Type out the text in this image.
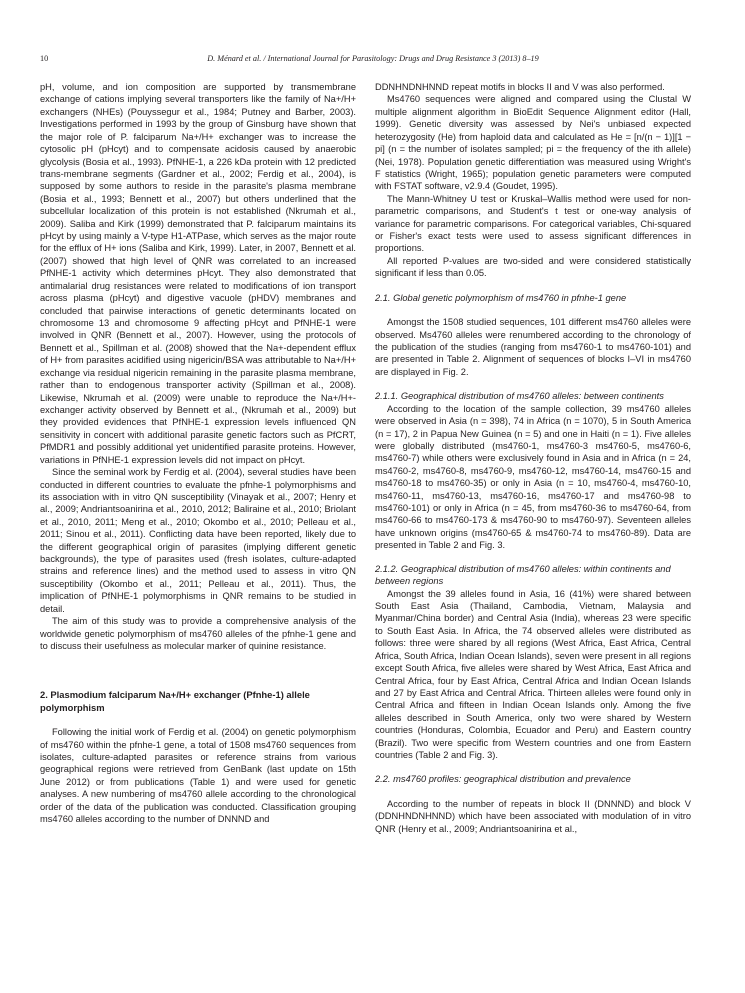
10	D. Ménard et al. / International Journal for Parasitology: Drugs and Drug Resistance 3 (2013) 8–19

pH, volume, and ion composition are supported by transmembrane exchange of cations implying several transporters like the family of Na+/H+ exchangers (NHEs) (Pouyssegur et al., 1984; Putney and Barber, 2003). Investigations performed in 1993 by the group of Ginsburg have shown that the major role of P. falciparum Na+/H+ exchanger was to increase the cytosolic pH (pHcyt) and to compensate acidosis caused by anaerobic glycolysis (Bosia et al., 1993). PfNHE-1, a 226 kDa protein with 12 predicted trans-membrane segments (Gardner et al., 2002; Ferdig et al., 2004), is supposed by some authors to reside in the parasite's plasma membrane (Bosia et al., 1993; Bennett et al., 2007) but others underlined that the subcellular localization of this protein is not established (Nkrumah et al., 2009). Saliba and Kirk (1999) demonstrated that P. falciparum maintains its pHcyt by using mainly a V-type H1-ATPase, which serves as the major route for the efflux of H+ ions (Saliba and Kirk, 1999). Later, in 2007, Bennett et al. (2007) showed that high level of QNR was correlated to an increased PfNHE-1 activity which determines pHcyt. They also demonstrated that antimalarial drug resistances were related to modifications of ion transport across plasma (pHcyt) and digestive vacuole (pHDV) membranes and concluded that pairwise interactions of genetic determinants located on chromosome 13 and chromosome 9 affecting pHcyt and PfNHE-1 were involved in QNR (Bennett et al., 2007). However, using the protocols of Bennett et al., Spillman et al. (2008) showed that the Na+-dependent efflux of H+ from parasites acidified using nigericin/BSA was attributable to Na+/H+ exchange via residual nigericin remaining in the parasite plasma membrane, rather than to endogenous transporter activity (Spillman et al., 2008). Likewise, Nkrumah et al. (2009) were unable to reproduce the Na+/H+-exchanger activity observed by Bennett et al., (Nkrumah et al., 2009) but they provided evidences that PfNHE-1 expression levels influenced QN sensitivity in concert with additional parasite genetic factors such as PfCRT, PfMDR1 and possibly additional yet unidentified parasite proteins. However, variations in PfNHE-1 expression levels did not impact on pHcyt.

Since the seminal work by Ferdig et al. (2004), several studies have been conducted in different countries to evaluate the pfnhe-1 polymorphisms and its association with in vitro QN susceptibility (Vinayak et al., 2007; Henry et al., 2009; Andriantsoanirina et al., 2010, 2012; Baliraine et al., 2010; Briolant et al., 2010, 2011; Meng et al., 2010; Okombo et al., 2010; Pelleau et al., 2011; Sinou et al., 2011). Conflicting data have been reported, likely due to the different geographical origin of parasites (implying different genetic backgrounds), the type of parasites used (fresh isolates, culture-adapted strains and reference lines) and the method used to assess in vitro QN susceptibility (Okombo et al., 2011; Pelleau et al., 2011). Thus, the implication of PfNHE-1 polymorphisms in QNR remains to be studied in detail.

The aim of this study was to provide a comprehensive analysis of the worldwide genetic polymorphism of ms4760 alleles of the pfnhe-1 gene and to discuss their usefulness as molecular marker of quinine resistance.

2. Plasmodium falciparum Na+/H+ exchanger (Pfnhe-1) allele polymorphism

Following the initial work of Ferdig et al. (2004) on genetic polymorphism of ms4760 within the pfnhe-1 gene, a total of 1508 ms4760 sequences from isolates, culture-adapted parasites or reference strains from various geographical regions were retrieved from GenBank (last update on 15th June 2012) or from publications (Table 1) and were used for genetic analyses. A new numbering of ms4760 allele according to the chronological order of the data of the publication was conducted. Classification grouping ms4760 alleles according to the number of DNNND and

DDNHNDNHNND repeat motifs in blocks II and V was also performed.

Ms4760 sequences were aligned and compared using the Clustal W multiple alignment algorithm in BioEdit Sequence Alignment editor (Hall, 1999). Genetic diversity was assessed by Nei's unbiased expected heterozygosity (He) from haploid data and calculated as He = [n/(n − 1)][1 − pi] (n = the number of isolates sampled; pi = the frequency of the ith allele) (Nei, 1978). Population genetic differentiation was measured using Wright's F statistics (Wright, 1965); population genetic parameters were computed with FSTAT software, v2.9.4 (Goudet, 1995).

The Mann-Whitney U test or Kruskal–Wallis method were used for non-parametric comparisons, and Student's t test or one-way analysis of variance for parametric comparisons. For categorical variables, Chi-squared or Fisher's exact tests were used to assess significant differences in proportions.

All reported P-values are two-sided and were considered statistically significant if less than 0.05.

2.1. Global genetic polymorphism of ms4760 in pfnhe-1 gene

Amongst the 1508 studied sequences, 101 different ms4760 alleles were observed. Ms4760 alleles were renumbered according to the chronology of the publication of the studies (ranging from ms4760-1 to ms4760-101) and are presented in Table 2. Alignment of sequences of blocks I–VI in ms4760 are displayed in Fig. 2.

2.1.1. Geographical distribution of ms4760 alleles: between continents

According to the location of the sample collection, 39 ms4760 alleles were observed in Asia (n = 398), 74 in Africa (n = 1070), 5 in South America (n = 17), 2 in Papua New Guinea (n = 5) and one in Haiti (n = 1). Five alleles were globally distributed (ms4760-1, ms4760-3 ms4760-5, ms4760-6, ms4760-7) while others were exclusively found in Asia and in Africa (n = 24, ms4760-2, ms4760-8, ms4760-9, ms4760-12, ms4760-14, ms4760-15 and ms4760-18 to ms4760-35) or only in Asia (n = 10, ms4760-4, ms4760-10, ms4760-11, ms4760-13, ms4760-16, ms4760-17 and ms4760-98 to ms4760-101) or only in Africa (n = 45, from ms4760-36 to ms4760-64, from ms4760-66 to ms4760-173 & ms4760-90 to ms4760-97). Seventeen alleles have unknown origins (ms4760-65 & ms4760-74 to ms4760-89). Data are presented in Table 2 and Fig. 3.

2.1.2. Geographical distribution of ms4760 alleles: within continents and between regions

Amongst the 39 alleles found in Asia, 16 (41%) were shared between South East Asia (Thailand, Cambodia, Vietnam, Malaysia and Myanmar/China border) and Central Asia (India), whereas 23 were specific to South East Asia. In Africa, the 74 observed alleles were distributed as follows: three were shared by all regions (West Africa, East Africa, Central Africa, South Africa, Indian Ocean Islands), seven were present in all regions except South Africa, five alleles were shared by West Africa, East Africa and Central Africa, four by East Africa, Central Africa and Indian Ocean Islands and 27 by East Africa and Central Africa. Thirteen alleles were found only in Central Africa and fifteen in Indian Ocean Islands only. Among the five alleles described in South America, only two were shared by Western countries (Honduras, Colombia, Ecuador and Peru) and Eastern country (Brazil). Two were specific from Western countries and one from Eastern countries (Table 2 and Fig. 3).

2.2. ms4760 profiles: geographical distribution and prevalence

According to the number of repeats in block II (DNNND) and block V (DDNHNDNHNND) which have been associated with modulation of in vitro QNR (Henry et al., 2009; Andriantsoanirina et al.,
